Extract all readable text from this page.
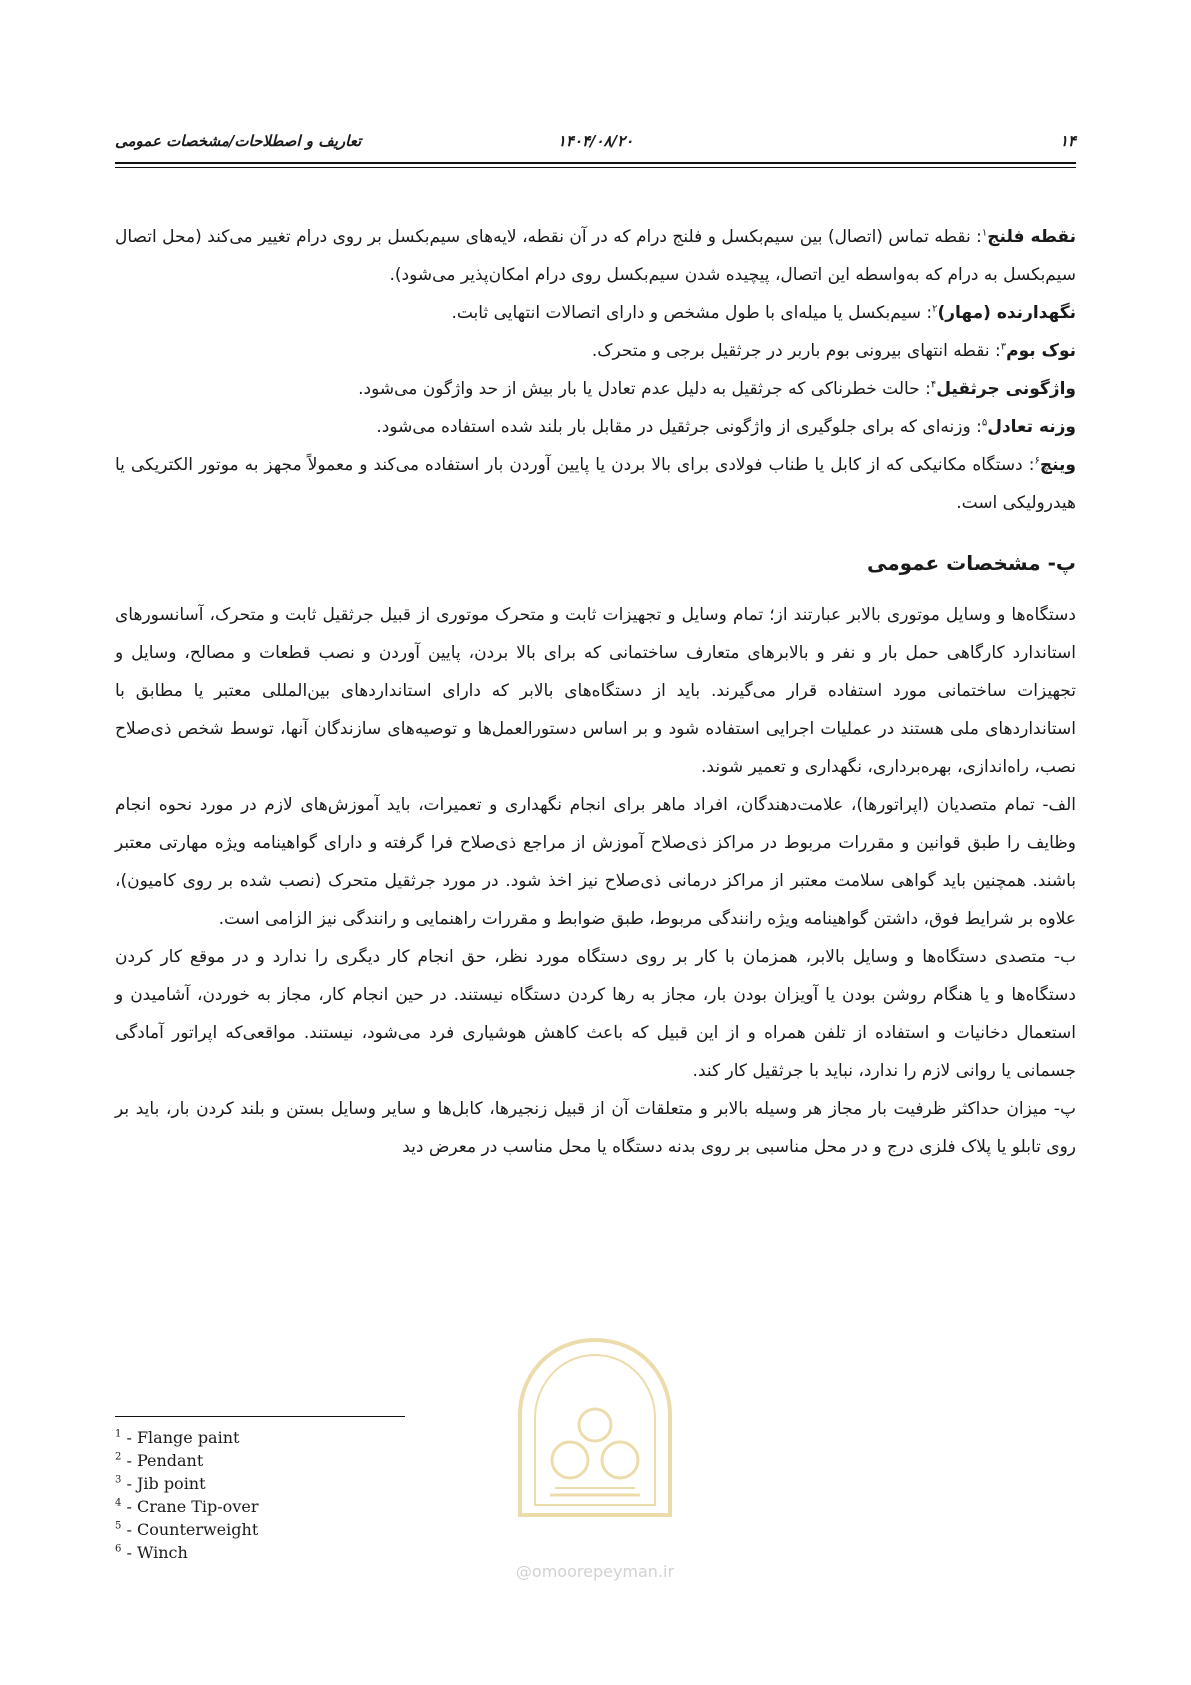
۱۴
۱۴۰۴/۰۸/۲۰
تعاریف و اصطلاحات/مشخصات عمومی

نقطه فلنج$^۱$: نقطه تماس (اتصال) بین سیم‌بکسل و فلنج درام که در آن نقطه، لایه‌های سیم‌بکسل بر روی درام تغییر می‌کند (محل اتصال سیم‌بکسل به درام که به‌واسطه این اتصال، پیچیده شدن سیم‌بکسل روی درام امکان‌پذیر می‌شود).

نگهدارنده (مهار)$^۲$: سیم‌بکسل یا میله‌ای با طول مشخص و دارای اتصالات انتهایی ثابت.

نوک بوم$^۳$: نقطه انتهای بیرونی بوم باربر در جرثقیل برجی و متحرک.

واژگونی جرثقیل$^۴$: حالت خطرناکی که جرثقیل به دلیل عدم تعادل یا بار بیش از حد واژگون می‌شود.

وزنه تعادل$^۵$: وزنه‌ای که برای جلوگیری از واژگونی جرثقیل در مقابل بار بلند شده استفاده می‌شود.

وینچ$^۶$: دستگاه مکانیکی که از کابل یا طناب فولادی برای بالا بردن یا پایین آوردن بار استفاده می‌کند و معمولاً مجهز به موتور الکتریکی یا هیدرولیکی است.

پ- مشخصات عمومی

دستگاه‌ها و وسایل موتوری بالابر عبارتند از؛ تمام وسایل و تجهیزات ثابت و متحرک موتوری از قبیل جرثقیل ثابت و متحرک، آسانسورهای استاندارد کارگاهی حمل بار و نفر و بالابرهای متعارف ساختمانی که برای بالا بردن، پایین آوردن و نصب قطعات و مصالح، وسایل و تجهیزات ساختمانی مورد استفاده قرار می‌گیرند. باید از دستگاه‌های بالابر که دارای استانداردهای بین‌المللی معتبر یا مطابق با استانداردهای ملی هستند در عملیات اجرایی استفاده شود و بر اساس دستورالعمل‌ها و توصیه‌های سازندگان آنها، توسط شخص ذی‌صلاح نصب، راه‌اندازی، بهره‌برداری، نگهداری و تعمیر شوند.

الف- تمام متصدیان (اپراتورها)، علامت‌دهندگان، افراد ماهر برای انجام نگهداری و تعمیرات، باید آموزش‌های لازم در مورد نحوه انجام وظایف را طبق قوانین و مقررات مربوط در مراکز ذی‌صلاح آموزش از مراجع ذی‌صلاح فرا گرفته و دارای گواهینامه ویژه مهارتی معتبر باشند. همچنین باید گواهی سلامت معتبر از مراکز درمانی ذی‌صلاح نیز اخذ شود. در مورد جرثقیل متحرک (نصب شده بر روی کامیون)، علاوه بر شرایط فوق، داشتن گواهینامه ویژه رانندگی مربوط، طبق ضوابط و مقررات راهنمایی و رانندگی نیز الزامی است.

ب- متصدی دستگاه‌ها و وسایل بالابر، همزمان با کار بر روی دستگاه مورد نظر، حق انجام کار دیگری را ندارد و در موقع کار کردن دستگاه‌ها و یا هنگام روشن بودن یا آویزان بودن بار، مجاز به رها کردن دستگاه نیستند. در حین انجام کار، مجاز به خوردن، آشامیدن و استعمال دخانیات و استفاده از تلفن همراه و از این قبیل که باعث کاهش هوشیاری فرد می‌شود، نیستند. مواقعی‌که اپراتور آمادگی جسمانی یا روانی لازم را ندارد، نباید با جرثقیل کار کند.

پ- میزان حداکثر ظرفیت بار مجاز هر وسیله بالابر و متعلقات آن از قبیل زنجیرها، کابل‌ها و سایر وسایل بستن و بلند کردن بار، باید بر روی تابلو یا پلاک فلزی درج و در محل مناسبی بر روی بدنه دستگاه یا محل مناسب در معرض دید

@omoorepeyman.ir
$^1$ - Flange paint
$^2$ - Pendant
$^3$ - Jib point
$^4$ - Crane Tip-over
$^5$ - Counterweight
$^6$ - Winch
